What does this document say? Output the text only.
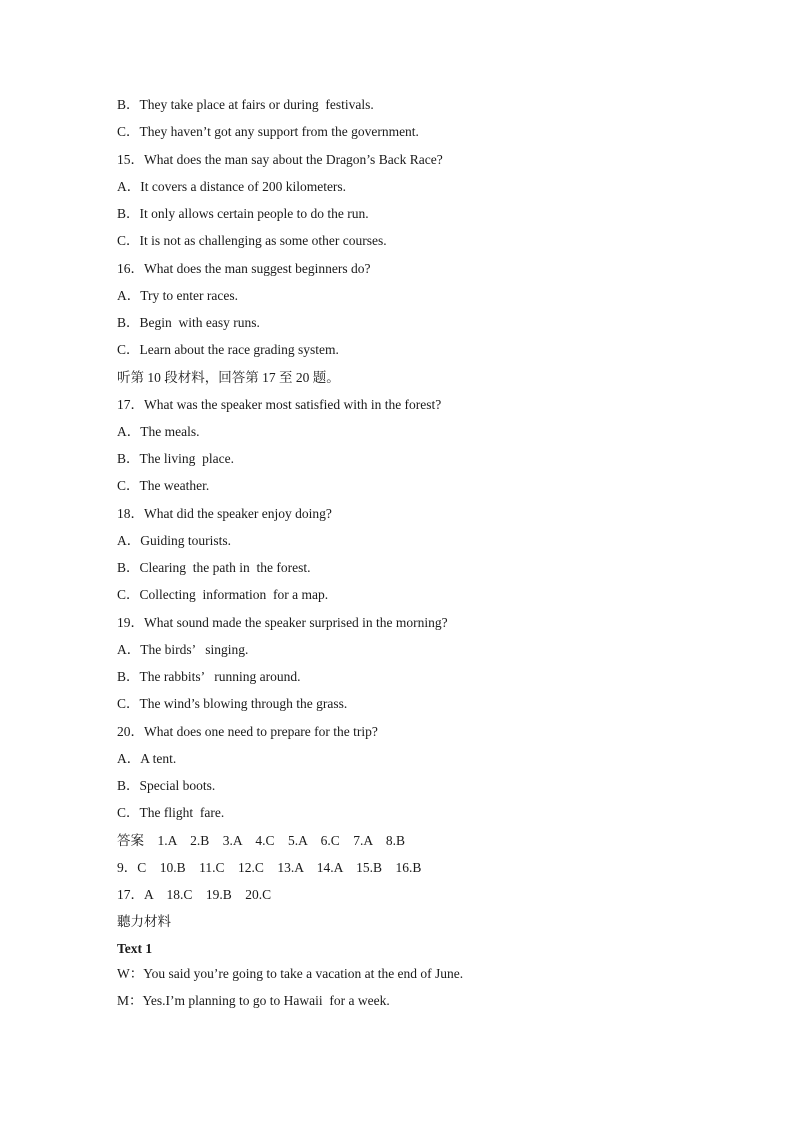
B．They take place at fairs or during  festivals.
C．They haven’t got any support from the government.
15．What does the man say about the Dragon’s Back Race?
A．It covers a distance of 200 kilometers.
B．It only allows certain people to do the run.
C．It is not as challenging as some other courses.
16．What does the man suggest beginners do?
A．Try to enter races.
B．Begin  with easy runs.
C．Learn about the race grading system.
听第 10 段材料，回答第 17 至 20 题。
17．What was the speaker most satisfied with in the forest?
A．The meals.
B．The living  place.
C．The weather.
18．What did the speaker enjoy doing?
A．Guiding tourists.
B．Clearing  the path in  the forest.
C．Collecting  information  for a map.
19．What sound made the speaker surprised in the morning?
A．The birds’   singing.
B．The rabbits’   running around.
C．The wind’s blowing through the grass.
20．What does one need to prepare for the trip?
A．A tent.
B．Special boots.
C．The flight  fare.
答案    1.A    2.B    3.A    4.C    5.A    6.C    7.A    8.B
9．C    10.B    11.C    12.C    13.A    14.A    15.B    16.B
17．A    18.C    19.B    20.C
聽力材料
Text 1
W：You said you’re going to take a vacation at the end of June.
M：Yes.I’m planning to go to Hawaii  for a week.
